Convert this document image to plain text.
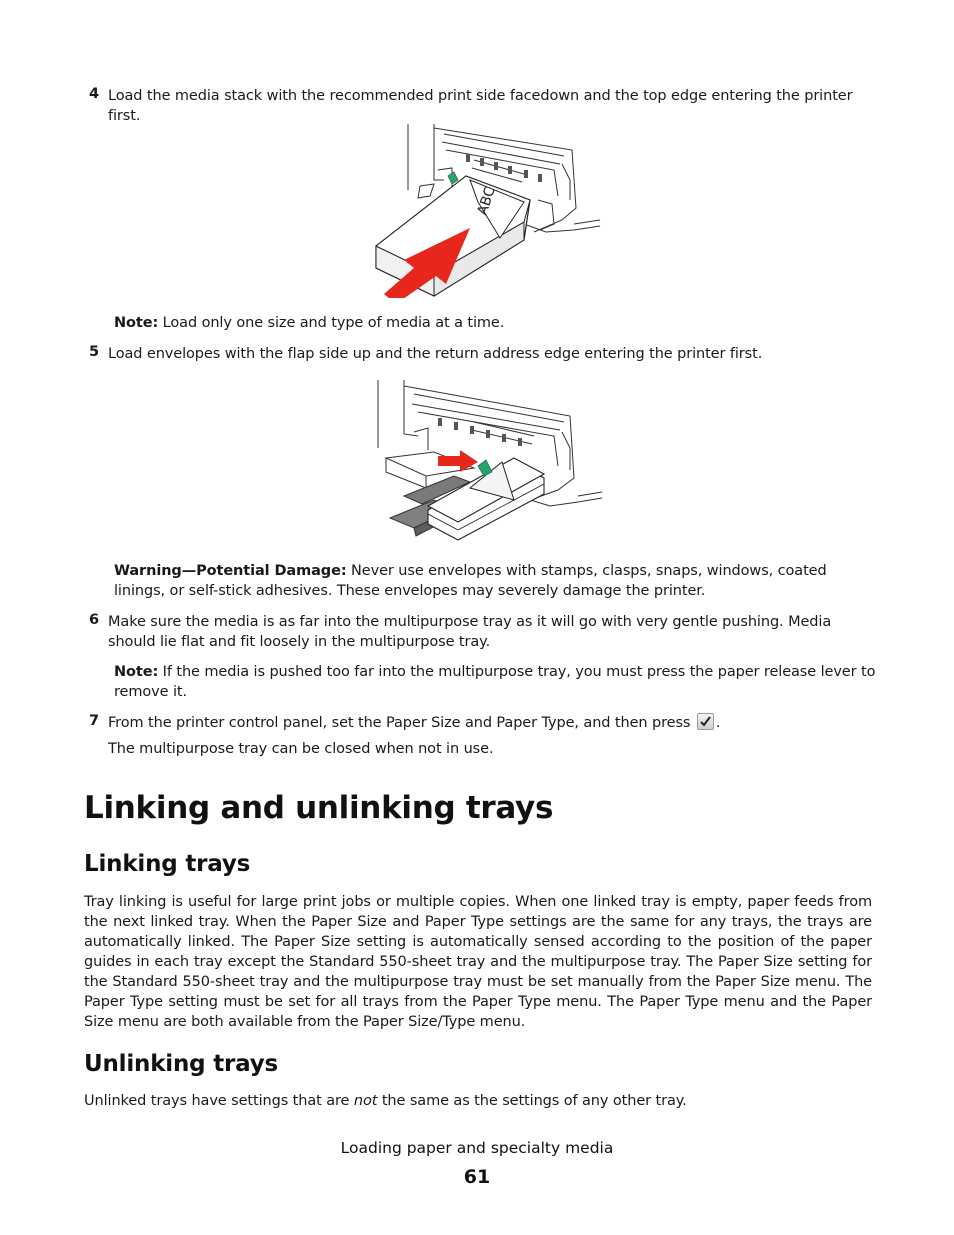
4 Load the media stack with the recommended print side facedown and the top edge entering the printer first.
ABC
Note: Load only one size and type of media at a time.
5 Load envelopes with the flap side up and the return address edge entering the printer first.
Warning—Potential Damage: Never use envelopes with stamps, clasps, snaps, windows, coated linings, or self-stick adhesives. These envelopes may severely damage the printer.
6 Make sure the media is as far into the multipurpose tray as it will go with very gentle pushing. Media should lie flat and fit loosely in the multipurpose tray.
Note: If the media is pushed too far into the multipurpose tray, you must press the paper release lever to remove it.
7 From the printer control panel, set the Paper Size and Paper Type, and then press
.
The multipurpose tray can be closed when not in use.
Linking and unlinking trays
Linking trays
Tray linking is useful for large print jobs or multiple copies. When one linked tray is empty, paper feeds from the next linked tray. When the Paper Size and Paper Type settings are the same for any trays, the trays are automatically linked. The Paper Size setting is automatically sensed according to the position of the paper guides in each tray except the Standard 550‑sheet tray and the multipurpose tray. The Paper Size setting for the Standard 550‑sheet tray and the multipurpose tray must be set manually from the Paper Size menu. The Paper Type setting must be set for all trays from the Paper Type menu. The Paper Type menu and the Paper Size menu are both available from the Paper Size/Type menu.
Unlinking trays
Unlinked trays have settings that are not the same as the settings of any other tray.
Loading paper and specialty media
61
